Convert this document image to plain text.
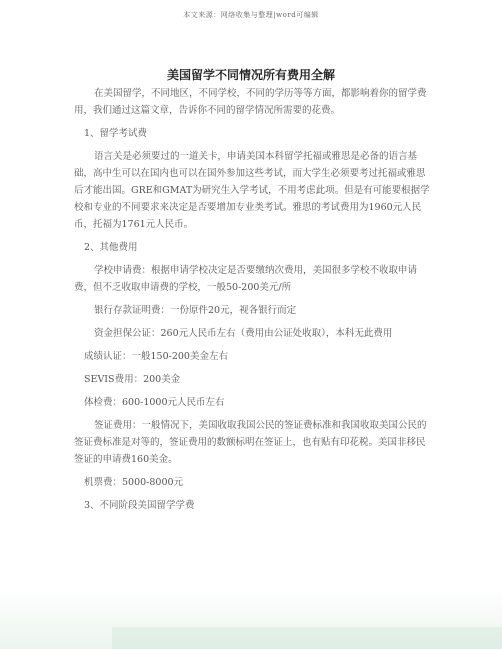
本文来源：网络收集与整理|word可编辑
美国留学不同情况所有费用全解

在美国留学，不同地区，不同学校，不同的学历等等方面，都影响着你的留学费用，我们通过这篇文章，告诉你不同的留学情况所需要的花费。

1、留学考试费

语言关是必须要过的一道关卡，申请美国本科留学托福或雅思是必备的语言基础，高中生可以在国内也可以在国外参加这些考试，而大学生必须要考过托福或雅思后才能出国。GRE和GMAT为研究生入学考试，不用考虑此项。但是有可能要根据学校和专业的不同要求来决定是否要增加专业类考试。雅思的考试费用为1960元人民币，托福为1761元人民币。

2、其他费用

学校申请费：根据申请学校决定是否要缴纳次费用，美国很多学校不收取申请费，但不乏收取申请费的学校，一般50-200美元/所

银行存款证明费：一份原件20元，视各银行而定

资金担保公证：260元人民币左右（费用由公证处收取），本科无此费用

成绩认证：一般150-200美金左右

SEVIS费用：200美金

体检费：600-1000元人民币左右

签证费用：一般情况下，美国收取我国公民的签证费标准和我国收取美国公民的签证费标准是对等的，签证费用的数额标明在签证上，也有贴有印花税。美国非移民签证的申请费160美金。

机票费：5000-8000元

3、不同阶段美国留学学费
